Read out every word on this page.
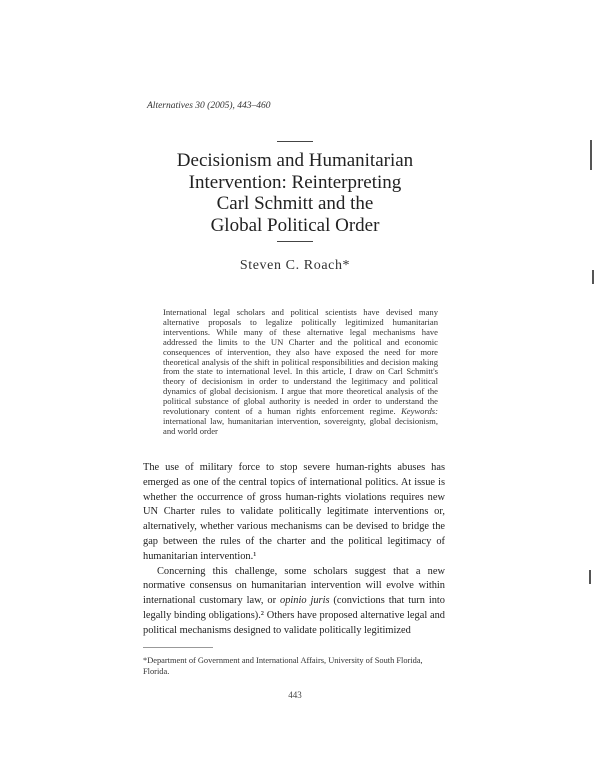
Alternatives 30 (2005), 443–460
Decisionism and Humanitarian
Intervention: Reinterpreting
Carl Schmitt and the
Global Political Order
Steven C. Roach*
International legal scholars and political scientists have devised many alternative proposals to legalize politically legitimized humanitarian interventions. While many of these alternative legal mechanisms have addressed the limits to the UN Charter and the political and economic consequences of intervention, they also have exposed the need for more theoretical analysis of the shift in political responsibilities and decision making from the state to international level. In this article, I draw on Carl Schmitt's theory of decisionism in order to understand the legitimacy and political dynamics of global decisionism. I argue that more theoretical analysis of the political substance of global authority is needed in order to understand the revolutionary content of a human rights enforcement regime. Keywords: international law, humanitarian intervention, sovereignty, global decisionism, and world order

The use of military force to stop severe human-rights abuses has emerged as one of the central topics of international politics. At issue is whether the occurrence of gross human-rights violations requires new UN Charter rules to validate politically legitimate interventions or, alternatively, whether various mechanisms can be devised to bridge the gap between the rules of the charter and the political legitimacy of humanitarian intervention.¹

Concerning this challenge, some scholars suggest that a new normative consensus on humanitarian intervention will evolve within international customary law, or opinio juris (convictions that turn into legally binding obligations).² Others have proposed alternative legal and political mechanisms designed to validate politically legitimized

*Department of Government and International Affairs, University of South Florida, Florida.
443
